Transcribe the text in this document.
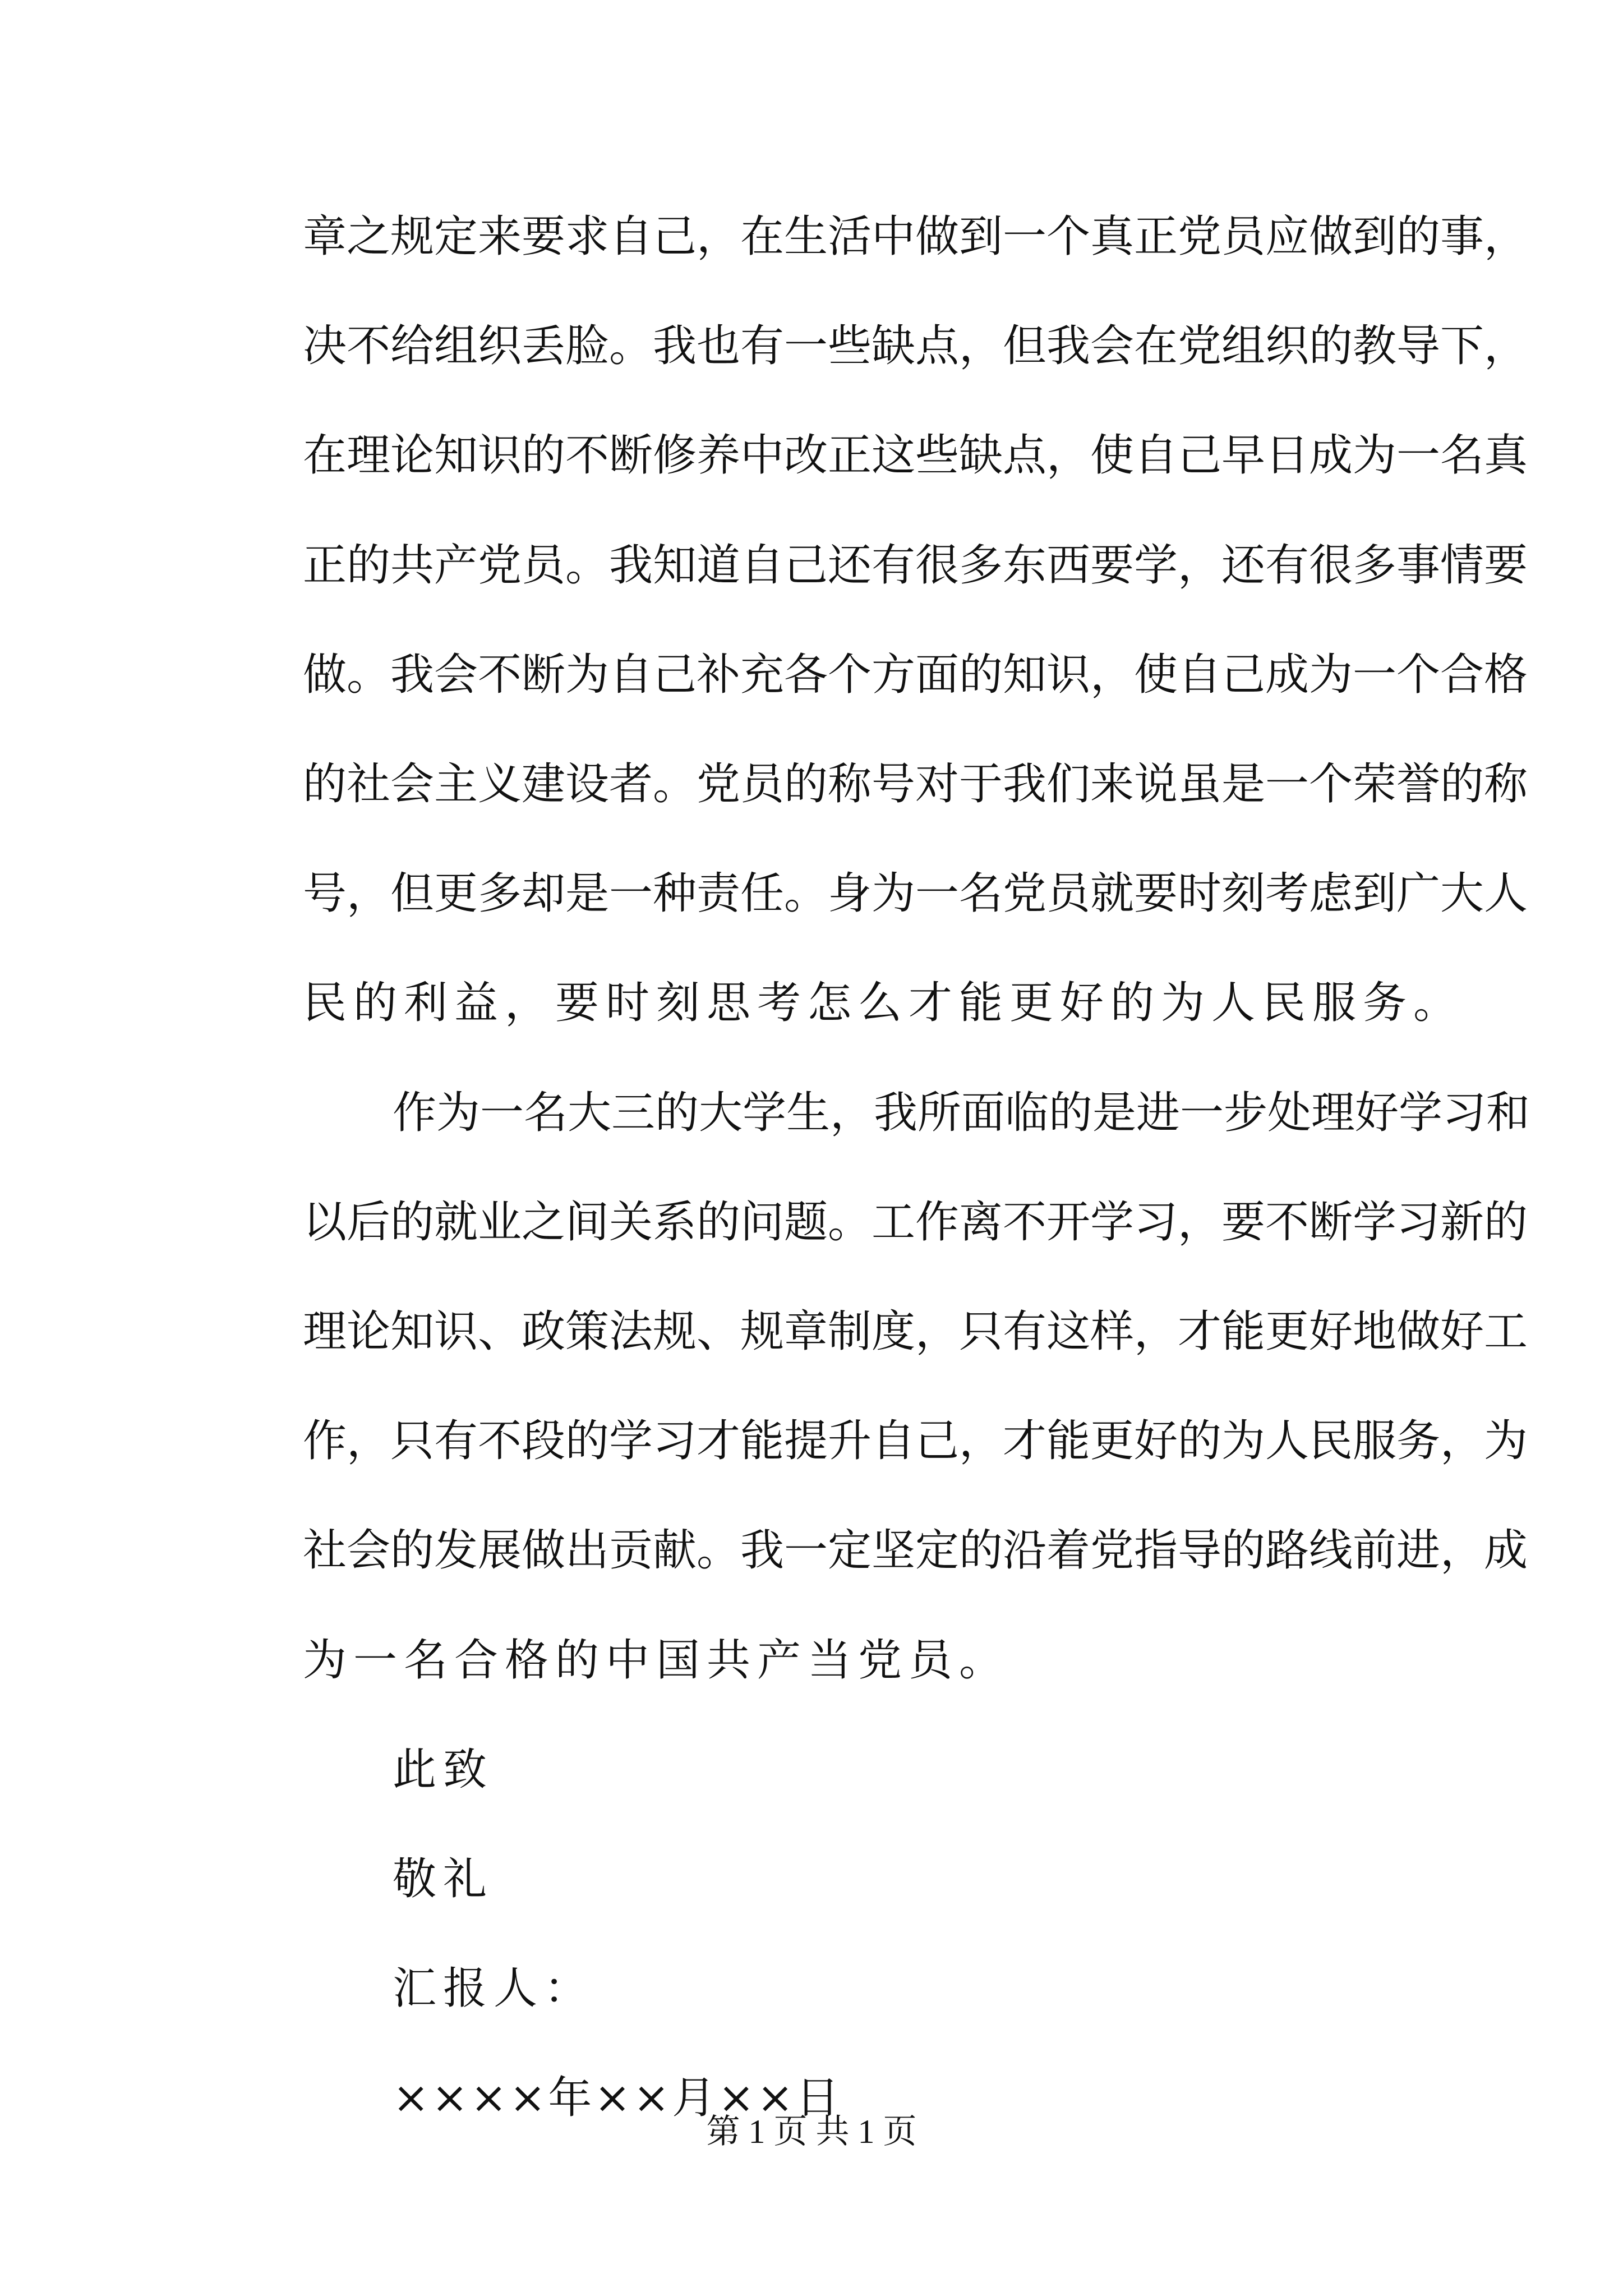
章之规定来要求自己，在生活中做到一个真正党员应做到的事，
决不给组织丢脸。我也有一些缺点，但我会在党组织的教导下，
在理论知识的不断修养中改正这些缺点，使自己早日成为一名真
正的共产党员。我知道自己还有很多东西要学，还有很多事情要
做。我会不断为自己补充各个方面的知识，使自己成为一个合格
的社会主义建设者。党员的称号对于我们来说虽是一个荣誉的称
号，但更多却是一种责任。身为一名党员就要时刻考虑到广大人
民的利益，要时刻思考怎么才能更好的为人民服务。
作为一名大三的大学生，我所面临的是进一步处理好学习和
以后的就业之间关系的问题。工作离不开学习，要不断学习新的
理论知识、政策法规、规章制度，只有这样，才能更好地做好工
作，只有不段的学习才能提升自己，才能更好的为人民服务，为
社会的发展做出贡献。我一定坚定的沿着党指导的路线前进，成
为一名合格的中国共产当党员。
此致
敬礼
汇报人：
××××年××月××日
第 1 页 共 1 页
